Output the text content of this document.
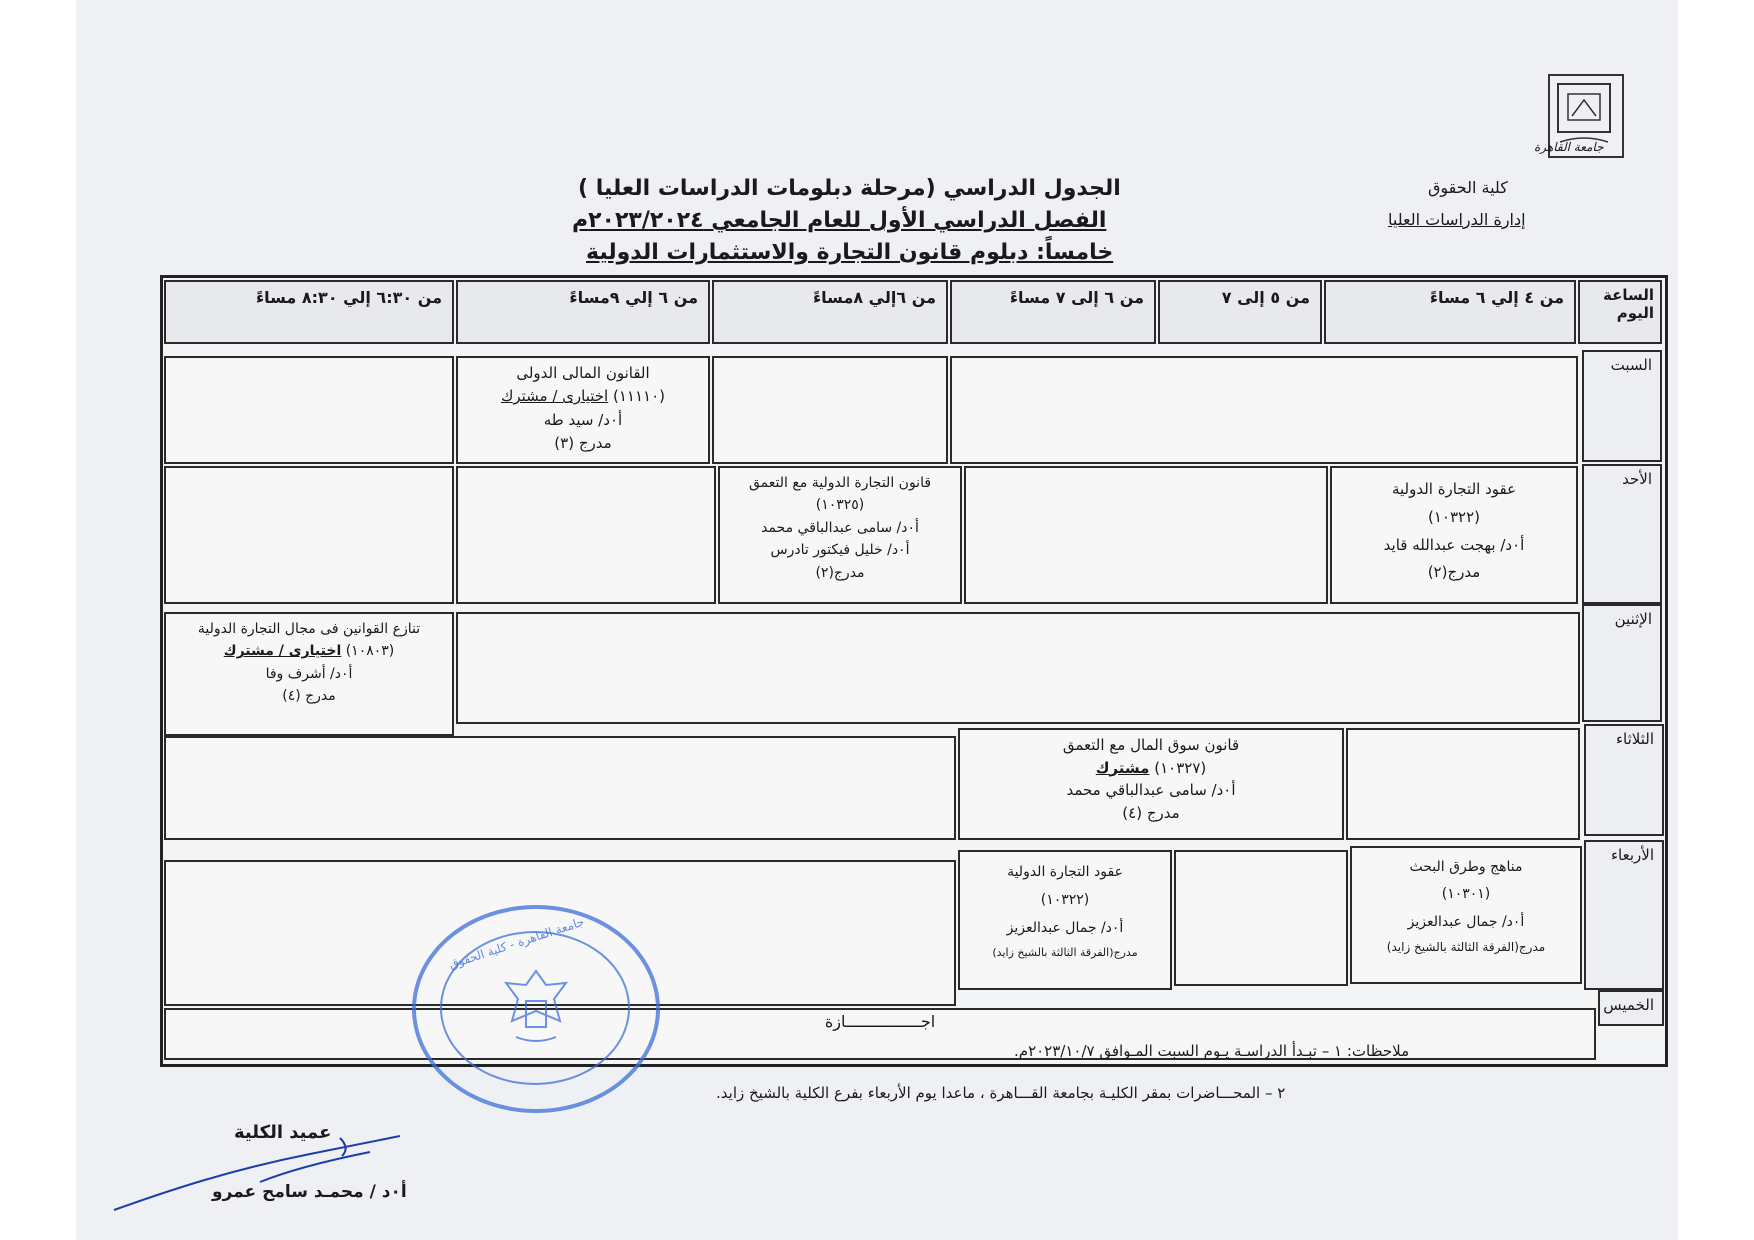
جامعة القاهرة
كلية الحقوق
إدارة الدراسات العليا
الجدول الدراسي (مرحلة دبلومات الدراسات العليا )
الفصل الدراسي الأول للعام الجامعي ٢٠٢٣/٢٠٢٤م
خامساً: دبلوم قانون التجارة والاستثمارات الدولية
الساعة
اليوم
من ٤ إلي ٦ مساءً
من ٥ إلى ٧
من ٦ إلى ٧ مساءً
من ٦إلي ٨مساءً
من ٦ إلي ٩مساءً
من ٦:٣٠ إلي ٨:٣٠ مساءً
السبت
القانون المالى الدولى
(١١١١٠) اختيارى / مشترك
أ٠د/ سيد طه
مدرج (٣)
الأحد
عقود التجارة الدولية
(١٠٣٢٢)
أ٠د/ بهجت عبدالله قايد
مدرج(٢)
قانون التجارة الدولية مع التعمق
(١٠٣٢٥)
أ٠د/ سامى عبدالباقي محمد
أ٠د/ خليل فيكتور تادرس
مدرج(٢)
الإثنين
تنازع القوانين فى مجال التجارة الدولية
(١٠٨٠٣) اختيارى / مشترك
أ٠د/ أشرف وفا
مدرج (٤)
الثلاثاء
قانون سوق المال مع التعمق
(١٠٣٢٧) مشترك
أ٠د/ سامى عبدالباقي محمد
مدرج (٤)
الأربعاء
مناهج وطرق البحث
(١٠٣٠١)
أ٠د/ جمال عبدالعزيز
مدرج(الفرقة الثالثة بالشيخ زايد)
عقود التجارة الدولية
(١٠٣٢٢)
أ٠د/ جمال عبدالعزيز
مدرج(الفرقة الثالثة بالشيخ زايد)
الخميس
اجــــــــــــــــازة
ملاحظات: ١ – تبـدأ الدراسـة يـوم السبت المـوافق ٢٠٢٣/١٠/٧م.
٢ – المحـــاضرات بمقر الكليـة بجامعة القـــاهرة ، ماعدا يوم الأربعاء بفرع الكلية بالشيخ زايد.
جامعة القاهرة - كلية الحقوق
عميد الكلية
أ٠د / محمـد سامح عمرو
